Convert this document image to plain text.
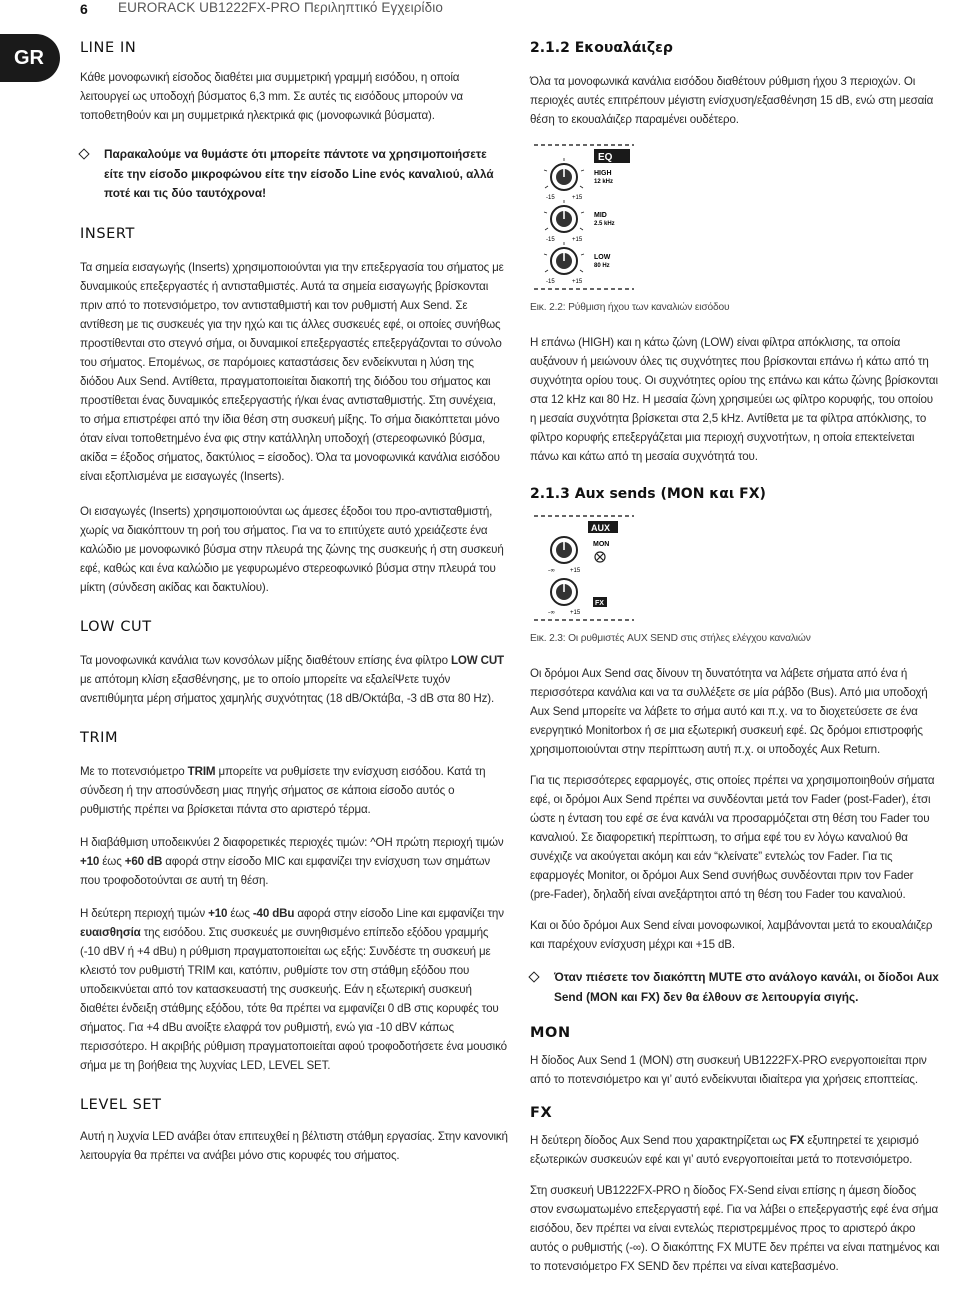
6 EURORACK UB1222FX-PRO Περιληπτικό Εγχειρίδιο
GR	LINE IN

Κάθε μονοφωνική είσοδος διαθέτει μια συμμετρική γραμμή εισόδου, η οποία λειτουργεί ως υποδοχή βύσματος 6,3 mm. Σε αυτές τις εισόδους μπορούν να τοποθετηθούν και μη συμμετρικά ηλεκτρικά φις (μονοφωνικά βύσματα).

Παρακαλούμε να θυμάστε ότι μπορείτε πάντοτε να χρησιμοποιήσετε είτε την είσοδο μικροφώνου είτε την είσοδο Line ενός καναλιού, αλλά ποτέ και τις δύο ταυτόχρονα!
INSERT

Τα σημεία εισαγωγής (Inserts) χρησιμοποιούνται για την επεξεργασία του σήματος με δυναμικούς επεξεργαστές ή αντισταθμιστές. Αυτά τα σημεία εισαγωγής βρίσκονται πριν από το ποτενσιόμετρο, τον αντισταθμιστή και τον ρυθμιστή Aux Send. Σε αντίθεση με τις συσκευές για την ηχώ και τις άλλες συσκευές εφέ, οι οποίες συνήθως προστίθενται στο στεγνό σήμα, οι δυναμικοί επεξεργαστές επεξεργάζονται το σύνολο του σήματος. Επομένως, σε παρόμοιες καταστάσεις δεν ενδείκνυται η λύση της διόδου Aux Send. Αντίθετα, πραγματοποιείται διακοπή της διόδου του σήματος και προστίθεται ένας δυναμικός επεξεργαστής ή/και ένας αντισταθμιστής. Στη συνέχεια, το σήμα επιστρέφει από την ίδια θέση στη συσκευή μίξης. Το σήμα διακόπτεται μόνο όταν είναι τοποθετημένο ένα φις στην κατάλληλη υποδοχή (στερεοφωνικό βύσμα, ακίδα = έξοδος σήματος, δακτύλιος = είσοδος). Όλα τα μονοφωνικά κανάλια εισόδου είναι εξοπλισμένα με εισαγωγές (Inserts).

Οι εισαγωγές (Inserts) χρησιμοποιούνται ως άμεσες έξοδοι του προ-αντισταθμιστή, χωρίς να διακόπτουν τη ροή του σήματος. Για να το επιτύχετε αυτό χρειάζεστε ένα καλώδιο με μονοφωνικό βύσμα στην πλευρά της ζώνης της συσκευής ή στη συσκευή εφέ, καθώς και ένα καλώδιο με γεφυρωμένο στερεοφωνικό βύσμα στην πλευρά του μίκτη (σύνδεση ακίδας και δακτυλίου).

LOW CUT

Τα μονοφωνικά κανάλια των κονσόλων μίξης διαθέτουν επίσης ένα φίλτρο LOW CUT με απότομη κλίση εξασθένησης, με το οποίο μπορείτε να εξαλείΨετε τυχόν ανεπιθύμητα μέρη σήματος χαμηλής συχνότητας (18 dB/Οκτάβα, -3 dB στα 80 Hz).

TRIM

Με το ποτενσιόμετρο TRIM μπορείτε να ρυθμίσετε την ενίσχυση εισόδου. Κατά τη σύνδεση ή την αποσύνδεση μιας πηγής σήματος σε κάποια είσοδο αυτός ο ρυθμιστής πρέπει να βρίσκεται πάντα στο αριστερό τέρμα.

Η διαβάθμιση υποδεικνύει 2 διαφορετικές περιοχές τιμών: ^ΟΗ πρώτη περιοχή τιμών +10 έως +60 dB αφορά στην είσοδο MIC και εμφανίζει την ενίσχυση των σημάτων που τροφοδοτούνται σε αυτή τη θέση.

Η δεύτερη περιοχή τιμών +10 έως -40 dBu αφορά στην είσοδο Line και εμφανίζει την ευαισθησία της εισόδου. Στις συσκευές με συνηθισμένο επίπεδο εξόδου γραμμής (-10 dBV ή +4 dBu) η ρύθμιση πραγματοποιείται ως εξής: Συνδέστε τη συσκευή με κλειστό τον ρυθμιστή TRIM και, κατόπιν, ρυθμίστε τον στη στάθμη εξόδου που υποδεικνύεται από τον κατασκευαστή της συσκευής. Εάν η εξωτερική συσκευή διαθέτει ένδειξη στάθμης εξόδου, τότε θα πρέπει να εμφανίζει 0 dB στις κορυφές του σήματος. Για +4 dBu ανοίξτε ελαφρά τον ρυθμιστή, ενώ για -10 dBV κάπως περισσότερο. Η ακριβής ρύθμιση πραγματοποιείται αφού τροφοδοτήσετε ένα μουσικό σήμα με τη βοήθεια της λυχνίας LED, LEVEL SET.

LEVEL SET

Αυτή η λυχνία LED ανάβει όταν επιτευχθεί η βέλτιστη στάθμη εργασίας. Στην κανονική λειτουργία θα πρέπει να ανάβει μόνο στις κορυφές του σήματος.

2.1.2 Εκουαλάιζερ

Όλα τα μονοφωνικά κανάλια εισόδου διαθέτουν ρύθμιση ήχου 3 περιοχών. Οι περιοχές αυτές επιτρέπουν μέγιστη ενίσχυση/εξασθένηση 15 dB, ενώ στη μεσαία θέση το εκουαλάιζερ παραμένει ουδέτερο.

EQ
HIGH
12 kHz
-15	+15
MID
2.5 kHz
-15	+15
LOW
80 Hz
-15	+15

Εικ. 2.2: Ρύθμιση ήχου των καναλιών εισόδου

Η επάνω (HIGH) και η κάτω ζώνη (LOW) είναι φίλτρα απόκλισης, τα οποία αυξάνουν ή μειώνουν όλες τις συχνότητες που βρίσκονται επάνω ή κάτω από τη συχνότητα ορίου τους. Οι συχνότητες ορίου της επάνω και κάτω ζώνης βρίσκονται στα 12 kHz και 80 Hz. Η μεσαία ζώνη χρησιμεύει ως φίλτρο κορυφής, του οποίου η μεσαία συχνότητα βρίσκεται στα 2,5 kHz. Αντίθετα με τα φίλτρα απόκλισης, το φίλτρο κορυφής επεξεργάζεται μια περιοχή συχνοτήτων, η οποία επεκτείνεται πάνω και κάτω από τη μεσαία συχνότητά του.

2.1.3 Aux sends (MON και FX)
AUX
MON
-∞ +15
FX
-∞ +15

Εικ. 2.3: Οι ρυθμιστές AUX SEND στις στήλες ελέγχου καναλιών

Οι δρόμοι Aux Send σας δίνουν τη δυνατότητα να λάβετε σήματα από ένα ή περισσότερα κανάλια και να τα συλλέξετε σε μία ράβδο (Bus). Από μια υποδοχή Aux Send μπορείτε να λάβετε το σήμα αυτό και π.χ. να το διοχετεύσετε σε ένα ενεργητικό Monitorbox ή σε μια εξωτερική συσκευή εφέ. Ως δρόμοι επιστροφής χρησιμοποιούνται στην περίπτωση αυτή π.χ. οι υποδοχές Aux Return.

Για τις περισσότερες εφαρμογές, στις οποίες πρέπει να χρησιμοποιηθούν σήματα εφέ, οι δρόμοι Aux Send πρέπει να συνδέονται μετά τον Fader (post-Fader), έτσι ώστε η ένταση του εφέ σε ένα κανάλι να προσαρμόζεται στη θέση του Fader του καναλιού. Σε διαφορετική περίπτωση, το σήμα εφέ του εν λόγω καναλιού θα συνέχιζε να ακούγεται ακόμη και εάν “κλείνατε” εντελώς τον Fader. Για τις εφαρμογές Monitor, οι δρόμοι Aux Send συνήθως συνδέονται πριν τον Fader (pre-Fader), δηλαδή είναι ανεξάρτητοι από τη θέση του Fader του καναλιού.

Και οι δύο δρόμοι Aux Send είναι μονοφωνικοί, λαμβάνονται μετά το εκουαλάιζερ και παρέχουν ενίσχυση μέχρι και +15 dB.

Όταν πιέσετε τον διακόπτη MUTE στο ανάλογο κανάλι, οι δίοδοι Aux Send (MON και FX) δεν θα έλθουν σε λειτουργία σιγής.
MON

Η δίοδος Aux Send 1 (MON) στη συσκευή UB1222FX-PRO ενεργοποιείται πριν από το ποτενσιόμετρο και γι’ αυτό ενδείκνυται ιδιαίτερα για χρήσεις εποπτείας.

FX

Η δεύτερη δίοδος Aux Send που χαρακτηρίζεται ως FX εξυπηρετεί τε χειρισμό εξωτερικών συσκευών εφέ και γι’ αυτό ενεργοποιείται μετά το ποτενσιόμετρο.

Στη συσκευή UB1222FX-PRO η δίοδος FX-Send είναι επίσης η άμεση δίοδος στον ενσωματωμένο επεξεργαστή εφέ. Για να λάβει ο επεξεργαστής εφέ ένα σήμα εισόδου, δεν πρέπει να είναι εντελώς περιστρεμμένος προς το αριστερό άκρο αυτός ο ρυθμιστής (-∞). Ο διακόπτης FX MUTE δεν πρέπει να είναι πατημένος και το ποτενσιόμετρο FX SEND δεν πρέπει να είναι κατεβασμένο.
